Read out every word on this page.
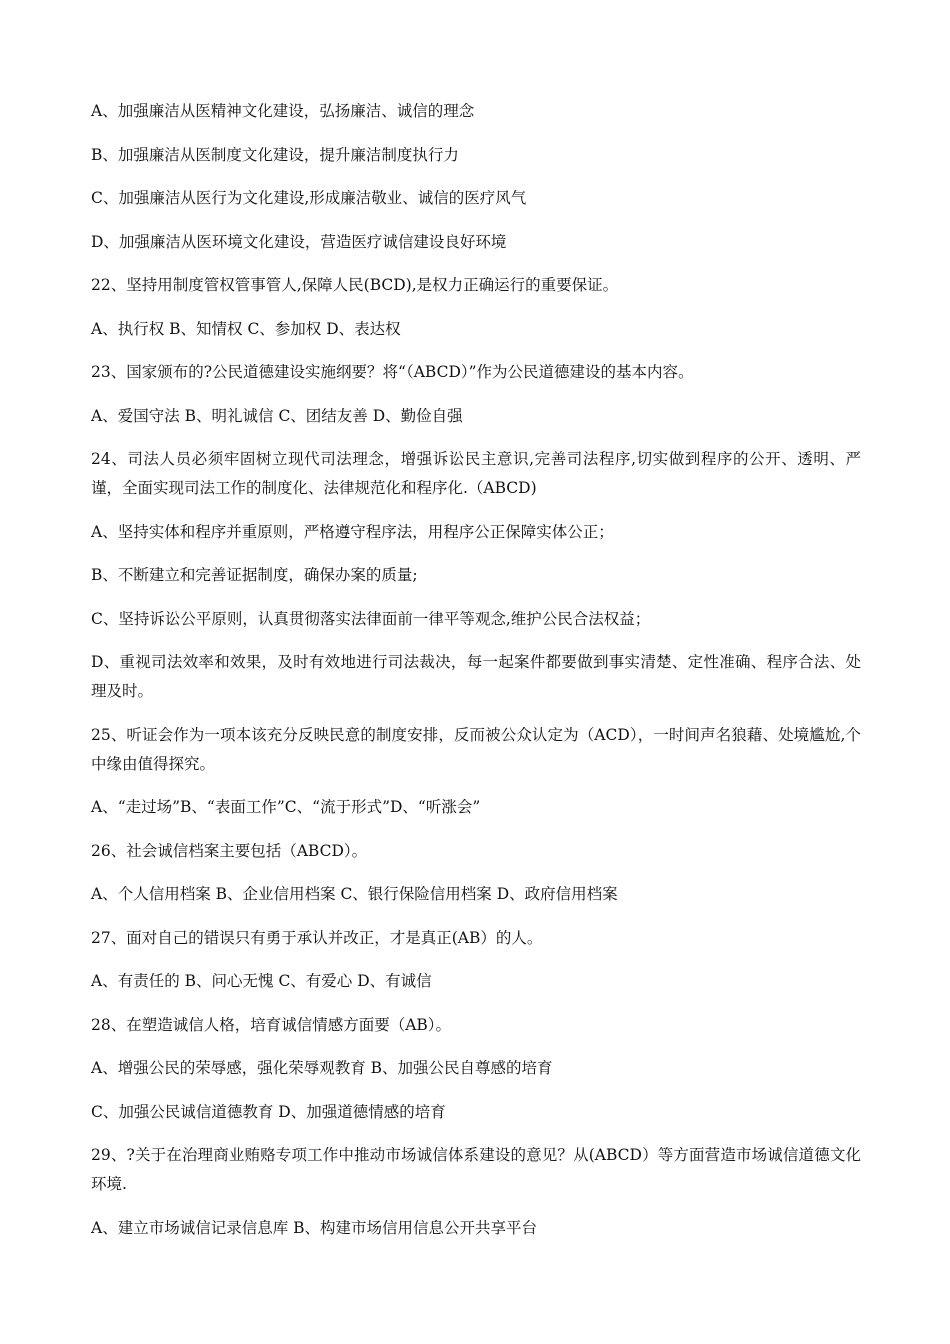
A、加强廉洁从医精神文化建设，弘扬廉洁、诚信的理念

B、加强廉洁从医制度文化建设，提升廉洁制度执行力

C、加强廉洁从医行为文化建设,形成廉洁敬业、诚信的医疗风气

D、加强廉洁从医环境文化建设，营造医疗诚信建设良好环境

22、坚持用制度管权管事管人,保障人民(BCD),是权力正确运行的重要保证。

A、执行权 B、知情权 C、参加权 D、表达权

23、国家颁布的?公民道德建设实施纲要？将“（ABCD）”作为公民道德建设的基本内容。

A、爱国守法 B、明礼诚信 C、团结友善 D、勤俭自强

24、司法人员必须牢固树立现代司法理念，增强诉讼民主意识,完善司法程序,切实做到程序的公开、透明、严谨，全面实现司法工作的制度化、法律规范化和程序化.（ABCD)

A、坚持实体和程序并重原则，严格遵守程序法，用程序公正保障实体公正；

B、不断建立和完善证据制度，确保办案的质量;

C、坚持诉讼公平原则，认真贯彻落实法律面前一律平等观念,维护公民合法权益；

D、重视司法效率和效果，及时有效地进行司法裁决，每一起案件都要做到事实清楚、定性准确、程序合法、处理及时。

25、听证会作为一项本该充分反映民意的制度安排，反而被公众认定为（ACD），一时间声名狼藉、处境尴尬,个中缘由值得探究。

A、“走过场”B、“表面工作”C、“流于形式”D、“听涨会”

26、社会诚信档案主要包括（ABCD）。

A、个人信用档案 B、企业信用档案 C、银行保险信用档案 D、政府信用档案

27、面对自己的错误只有勇于承认并改正，才是真正(AB）的人。

A、有责任的 B、问心无愧 C、有爱心 D、有诚信

28、在塑造诚信人格，培育诚信情感方面要（AB）。

A、增强公民的荣辱感，强化荣辱观教育 B、加强公民自尊感的培育

C、加强公民诚信道德教育 D、加强道德情感的培育

29、?关于在治理商业贿赂专项工作中推动市场诚信体系建设的意见？从(ABCD）等方面营造市场诚信道德文化环境.

A、建立市场诚信记录信息库 B、构建市场信用信息公开共享平台
